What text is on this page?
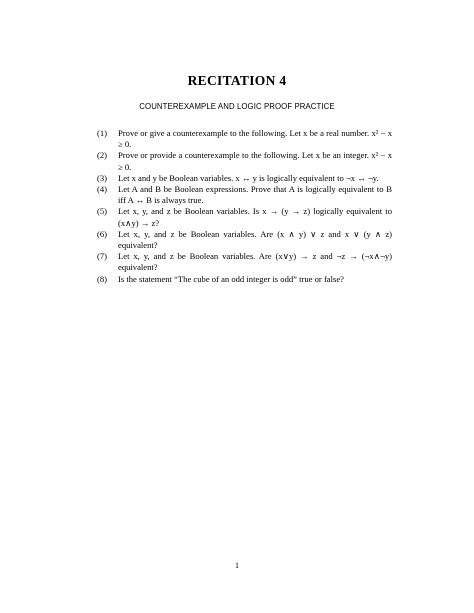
RECITATION 4
COUNTEREXAMPLE AND LOGIC PROOF PRACTICE
(1)	Prove or give a counterexample to the following. Let x be a real number. x² − x ≥ 0.
(2)	Prove or provide a counterexample to the following. Let x be an integer. x² − x ≥ 0.
(3)	Let x and y be Boolean variables. x ↔ y is logically equivalent to ¬x ↔ ¬y.
(4)	Let A and B be Boolean expressions. Prove that A is logically equivalent to B iff A ↔ B is always true.
(5)	Let x, y, and z be Boolean variables. Is x → (y → z) logically equivalent to (x∧y) → z?
(6)	Let x, y, and z be Boolean variables. Are (x ∧ y) ∨ z and x ∨ (y ∧ z) equivalent?
(7)	Let x, y, and z be Boolean variables. Are (x∨y) → z and ¬z → (¬x∧¬y) equivalent?
(8)	Is the statement “The cube of an odd integer is odd” true or false?
1
